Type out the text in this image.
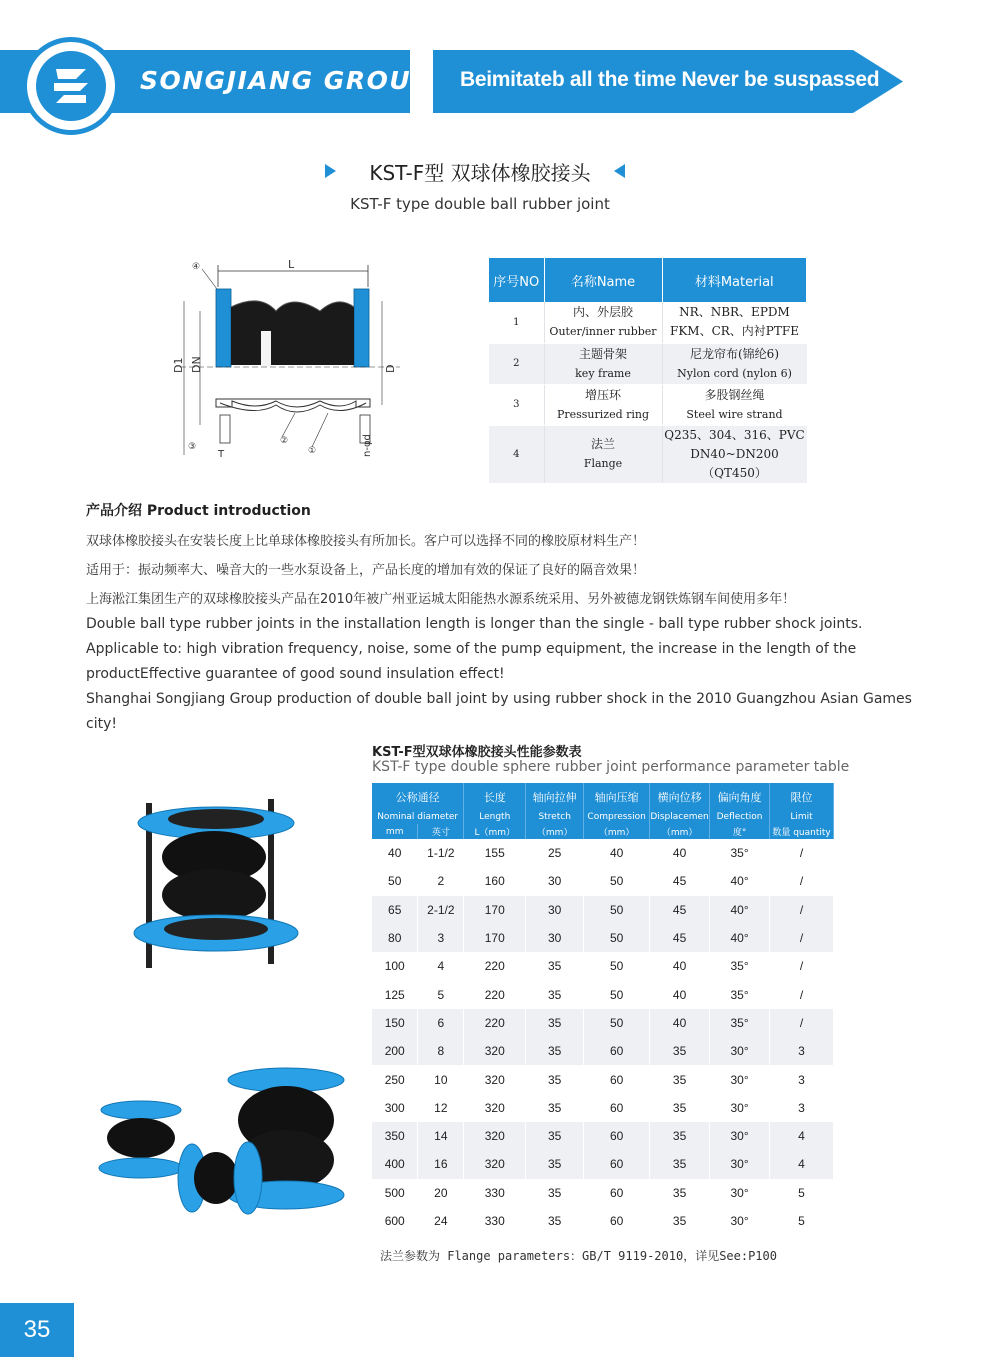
SONGJIANG GROUP Beimitateb all the time Never be suspassed
KST-F型 双球体橡胶接头
KST-F type double ball rubber joint
L
④
D1 DN	D
③
②
①
T	n-φd
序号NO	名称Name	材料Material
1	内、外层胶
Outer/inner rubber	NR、NBR、EPDM
FKM、CR、内衬PTFE
2	主题骨架
key frame	尼龙帘布(锦纶6)
Nylon cord (nylon 6)
3	增压环
Pressurized ring	多股钢丝绳
Steel wire strand
4	法兰
Flange	Q235、304、316、PVC
DN40~DN200（QT450）
产品介绍 Product introduction
双球体橡胶接头在安装长度上比单球体橡胶接头有所加长。客户可以选择不同的橡胶原材料生产！
适用于：振动频率大、噪音大的一些水泵设备上，产品长度的增加有效的保证了良好的隔音效果！
上海淞江集团生产的双球橡胶接头产品在2010年被广州亚运城太阳能热水源系统采用、另外被德龙钢铁炼钢车间使用多年！
Double ball type rubber joints in the installation length is longer than the single - ball type rubber shock joints.
Applicable to: high vibration frequency, noise, some of the pump equipment, the increase in the length of the productEffective guarantee of good sound insulation effect!
Shanghai Songjiang Group production of double ball joint by using rubber shock in the 2010 Guangzhou Asian Games city!
KST-F型双球体橡胶接头性能参数表
KST-F type double sphere rubber joint performance parameter table
公称通径		长度	轴向拉伸	轴向压缩	横向位移	偏向角度	限位
Nominal diameter		Length	Stretch	Compression	Displacemen	Deflection	Limit
mm	英寸	L（mm）	（mm）	（mm）	（mm）	度°	数量 quantity
40	1-1/2	155	25	40	40	35°	/
50	2	160	30	50	45	40°	/
65	2-1/2	170	30	50	45	40°	/
80	3	170	30	50	45	40°	/
100	4	220	35	50	40	35°	/
125	5	220	35	50	40	35°	/
150	6	220	35	50	40	35°	/
200	8	320	35	60	35	30°	3
250	10	320	35	60	35	30°	3
300	12	320	35	60	35	30°	3
350	14	320	35	60	35	30°	4
400	16	320	35	60	35	30°	4
500	20	330	35	60	35	30°	5
600	24	330	35	60	35	30°	5
法兰参数为 Flange parameters：GB/T 9119-2010，详见See:P100
35
